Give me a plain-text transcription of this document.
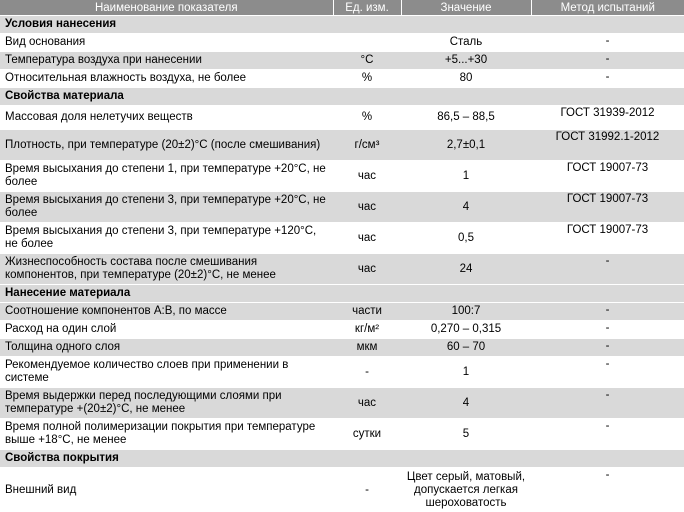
Наименование показателя	Ед. изм.	Значение	Метод испытаний
Условия нанесения			
Вид основания		Сталь	-
Температура воздуха при нанесении	°C	+5...+30	-
Относительная влажность воздуха, не более	%	80	-
Свойства материала			
Массовая доля нелетучих веществ	%	86,5 – 88,5	ГОСТ 31939-2012
Плотность, при температуре (20±2)°C (после смешивания)	г/см³	2,7±0,1	ГОСТ 31992.1-2012
Время высыхания до степени 1, при температуре +20°C, не более	час	1	ГОСТ 19007-73
Время высыхания до степени 3, при температуре +20°C, не более	час	4	ГОСТ 19007-73
Время высыхания до степени 3, при температуре +120°C, не более	час	0,5	ГОСТ 19007-73
Жизнеспособность состава после смешивания компонентов, при температуре (20±2)°C, не менее	час	24	-
Нанесение материала			
Соотношение компонентов А:В, по массе	части	100:7	-
Расход на один слой	кг/м²	0,270 – 0,315	-
Толщина одного слоя	мкм	60 – 70	-
Рекомендуемое количество слоев при применении в системе	-	1	-
Время выдержки перед последующими слоями при температуре +(20±2)°C, не менее	час	4	-
Время полной полимеризации покрытия при температуре выше +18°C, не менее	сутки	5	-
Свойства покрытия			
Внешний вид	-	Цвет серый, матовый, допускается легкая шероховатость	-
